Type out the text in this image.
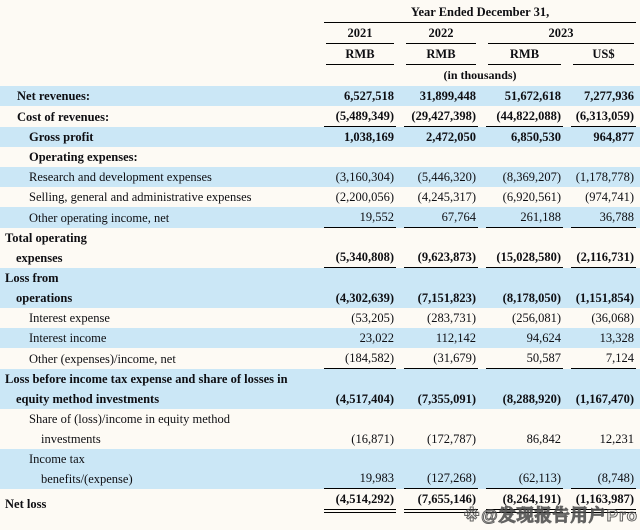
	Year Ended December 31,			

	2021	2022	2023	

	RMB	RMB	RMB	US$

	(in thousands)			

Net revenues:	6,527,518	31,899,448	51,672,618	7,277,936

Cost of revenues:	(5,489,349)	(29,427,398)	(44,822,088)	(6,313,059)

Gross profit	1,038,169	2,472,050	6,850,530	964,877

Operating expenses:				

Research and development expenses	(3,160,304)	(5,446,320)	(8,369,207)	(1,178,778)

Selling, general and administrative expenses	(2,200,056)	(4,245,317)	(6,920,561)	(974,741)

Other operating income, net	19,552	67,764	261,188	36,788

Total operating
expenses	(5,340,808)	(9,623,873)	(15,028,580)	(2,116,731)

Loss from
operations	(4,302,639)	(7,151,823)	(8,178,050)	(1,151,854)

Interest expense	(53,205)	(283,731)	(256,081)	(36,068)

Interest income	23,022	112,142	94,624	13,328

Other (expenses)/income, net	(184,582)	(31,679)	50,587	7,124

Loss before income tax expense and share of losses in
equity method investments	(4,517,404)	(7,355,091)	(8,288,920)	(1,167,470)

Share of (loss)/income in equity method
investments	(16,871)	(172,787)	86,842	12,231

Income tax
benefits/(expense)	19,983	(127,268)	(62,113)	(8,748)

Net loss	(4,514,292)	(7,655,146)	(8,264,191)	(1,163,987)
※@发现报告用户Pro
